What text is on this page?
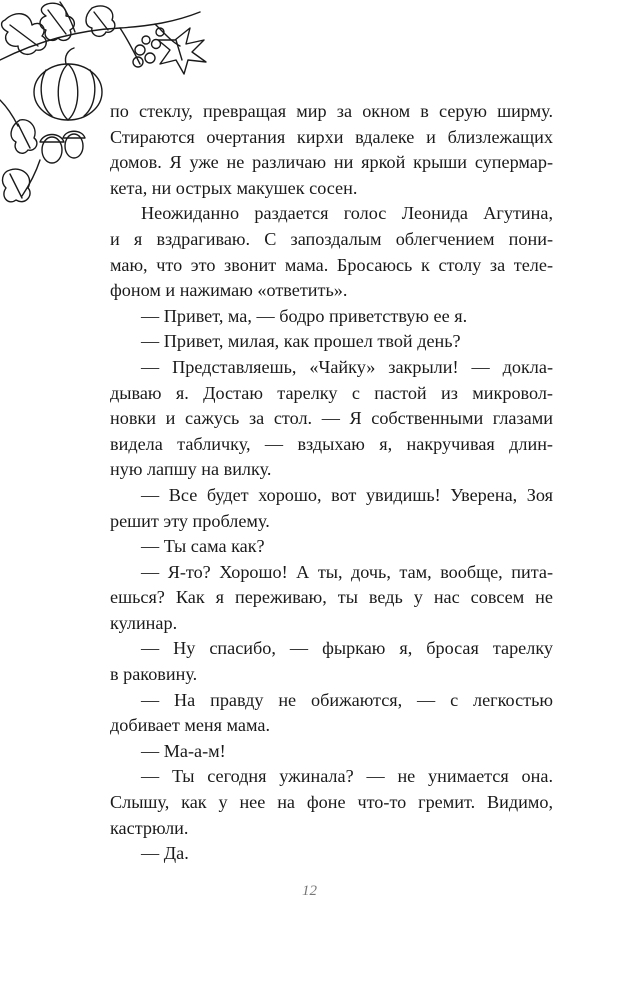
по стеклу, превращая мир за окном в серую ширму.
Стираются очертания кирхи вдалеке и близлежащих
домов. Я уже не различаю ни яркой крыши супермар-
кета, ни острых макушек сосен.
Неожиданно раздается голос Леонида Агутина,
и я вздрагиваю. С запоздалым облегчением пони-
маю, что это звонит мама. Бросаюсь к столу за теле-
фоном и нажимаю «ответить».
— Привет, ма, — бодро приветствую ее я.
— Привет, милая, как прошел твой день?
— Представляешь, «Чайку» закрыли! — докла-
дываю я. Достаю тарелку с пастой из микровол-
новки и сажусь за стол. — Я собственными глазами
видела табличку, — вздыхаю я, накручивая длин-
ную лапшу на вилку.
— Все будет хорошо, вот увидишь! Уверена, Зоя
решит эту проблему.
— Ты сама как?
— Я-то? Хорошо! А ты, дочь, там, вообще, пита-
ешься? Как я переживаю, ты ведь у нас совсем не
кулинар.
— Ну спасибо, — фыркаю я, бросая тарелку
в раковину.
— На правду не обижаются, — с легкостью
добивает меня мама.
— Ма-а-м!
— Ты сегодня ужинала? — не унимается она.
Слышу, как у нее на фоне что-то гремит. Видимо,
кастрюли.
— Да.
12
